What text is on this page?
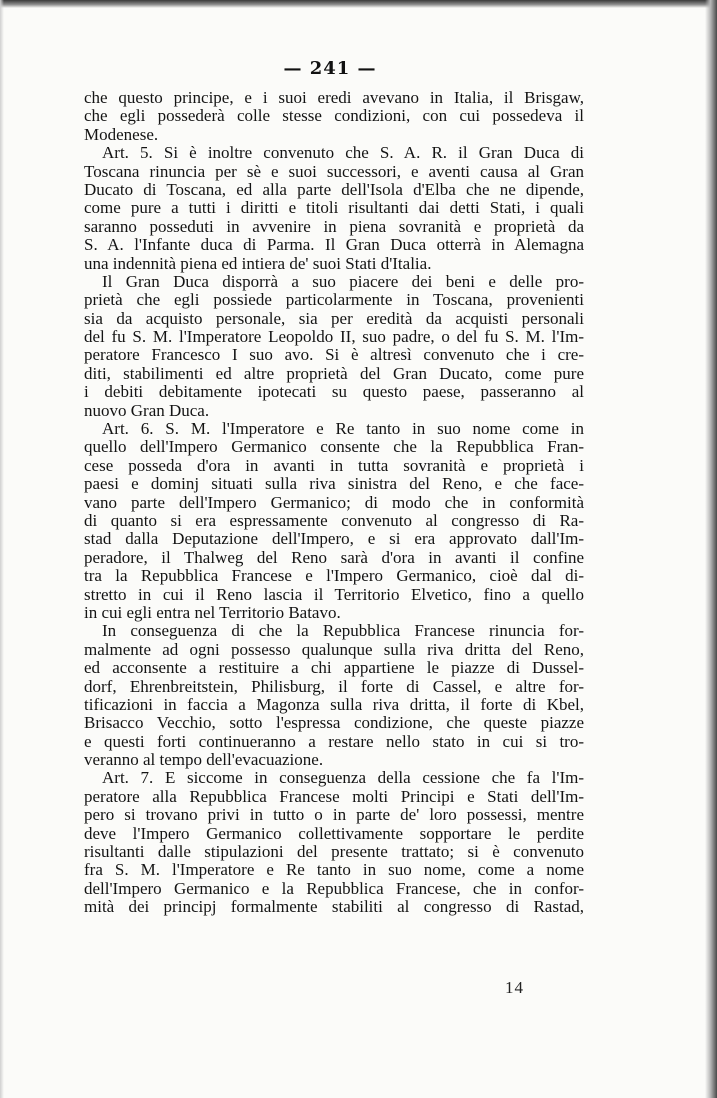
— 241 —
che questo principe, e i suoi eredi avevano in Italia, il Brisgaw,
che egli possederà colle stesse condizioni, con cui possedeva il
Modenese.
Art. 5. Si è inoltre convenuto che S. A. R. il Gran Duca di
Toscana rinuncia per sè e suoi successori, e aventi causa al Gran
Ducato di Toscana, ed alla parte dell'Isola d'Elba che ne dipende,
come pure a tutti i diritti e titoli risultanti dai detti Stati, i quali
saranno posseduti in avvenire in piena sovranità e proprietà da
S. A. l'Infante duca di Parma. Il Gran Duca otterrà in Alemagna
una indennità piena ed intiera de' suoi Stati d'Italia.
Il Gran Duca disporrà a suo piacere dei beni e delle pro-
prietà che egli possiede particolarmente in Toscana, provenienti
sia da acquisto personale, sia per eredità da acquisti personali
del fu S. M. l'Imperatore Leopoldo II, suo padre, o del fu S. M. l'Im-
peratore Francesco I suo avo. Si è altresì convenuto che i cre-
diti, stabilimenti ed altre proprietà del Gran Ducato, come pure
i debiti debitamente ipotecati su questo paese, passeranno al
nuovo Gran Duca.
Art. 6. S. M. l'Imperatore e Re tanto in suo nome come in
quello dell'Impero Germanico consente che la Repubblica Fran-
cese possedа d'ora in avanti in tutta sovranità e proprietà i
paesi e dominj situati sulla riva sinistra del Reno, e che face-
vano parte dell'Impero Germanico; di modo che in conformità
di quanto si era espressamente convenuto al congresso di Ra-
stad dalla Deputazione dell'Impero, e si era approvato dall'Im-
peradore, il Thalweg del Reno sarà d'ora in avanti il confine
tra la Repubblica Francese e l'Impero Germanico, cioè dal di-
stretto in cui il Reno lascia il Territorio Elvetico, fino a quello
in cui egli entra nel Territorio Batavo.
In conseguenza di che la Repubblica Francese rinuncia for-
malmente ad ogni possesso qualunque sulla riva dritta del Reno,
ed acconsente a restituire a chi appartiene le piazze di Dussel-
dorf, Ehrenbreitstein, Philisburg, il forte di Cassel, e altre for-
tificazioni in faccia a Magonza sulla riva dritta, il forte di Kbel,
Brisacco Vecchio, sotto l'espressa condizione, che queste piazze
e questi forti continueranno a restare nello stato in cui si tro-
veranno al tempo dell'evacuazione.
Art. 7. E siccome in conseguenza della cessione che fa l'Im-
peratore alla Repubblica Francese molti Principi e Stati dell'Im-
pero si trovano privi in tutto o in parte de' loro possessi, mentre
deve l'Impero Germanico collettivamente sopportare le perdite
risultanti dalle stipulazioni del presente trattato; si è convenuto
fra S. M. l'Imperatore e Re tanto in suo nome, come a nome
dell'Impero Germanico e la Repubblica Francese, che in confor-
mità dei principj formalmente stabiliti al congresso di Rastad,
14
